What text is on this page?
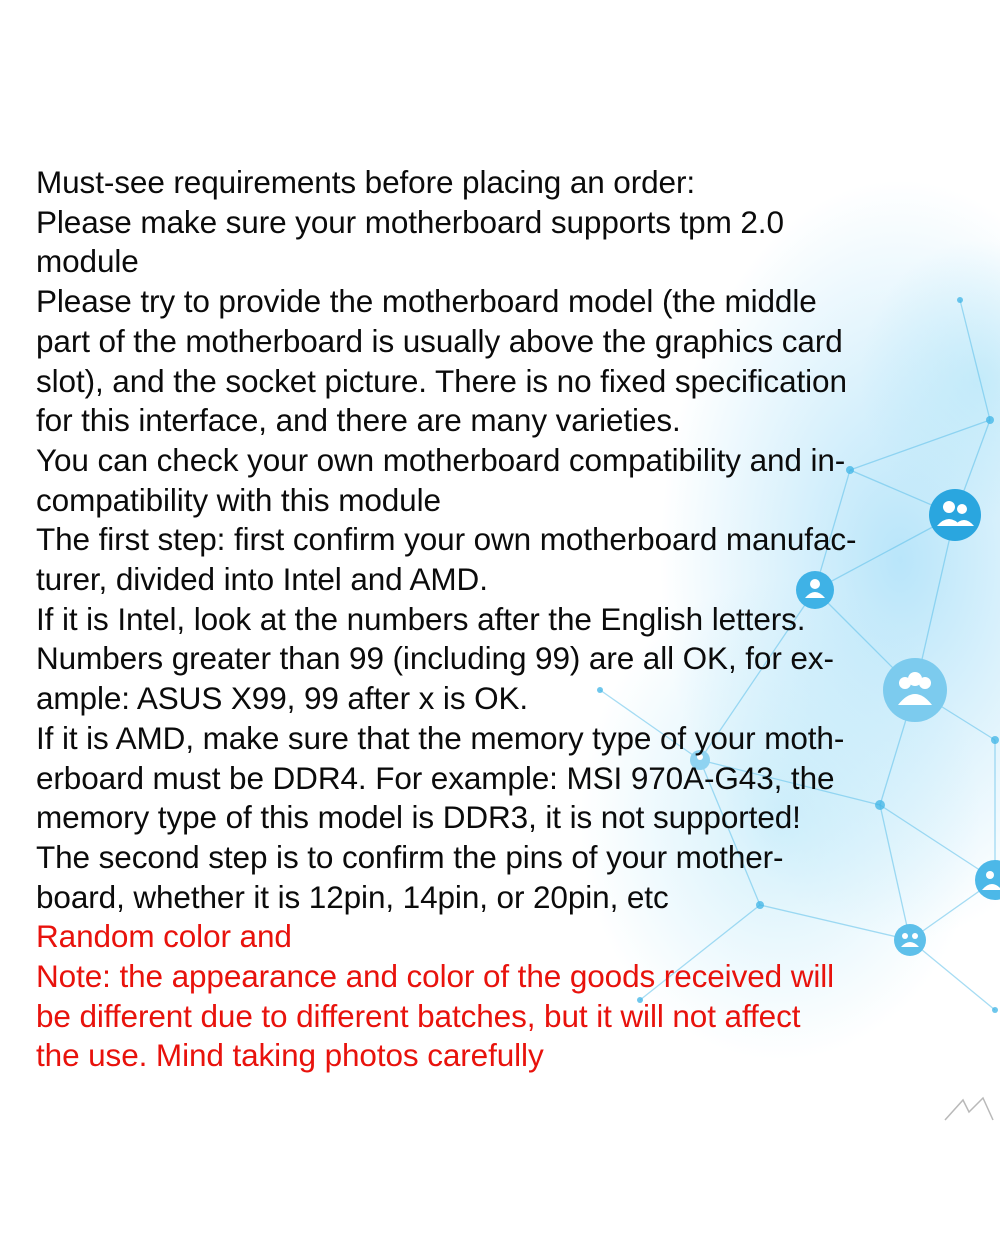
Must-see requirements before placing an order:
Please make sure your motherboard supports tpm 2.0
module
Please try to provide the motherboard model (the middle
part of the motherboard is usually above the graphics card
slot), and the socket picture. There is no fixed specification
for this interface, and there are many varieties.
You can check your own motherboard compatibility and in-
compatibility with this module
The first step: first confirm your own motherboard manufac-
turer, divided into Intel and AMD.
If it is Intel, look at the numbers after the English letters.
Numbers greater than 99 (including 99) are all OK, for ex-
ample: ASUS X99, 99 after x is OK.
If it is AMD, make sure that the memory type of your moth-
erboard must be DDR4. For example: MSI 970A-G43, the
memory type of this model is DDR3, it is not supported!
The second step is to confirm the pins of your mother-
board, whether it is 12pin, 14pin, or 20pin, etc
Random color and
Note: the appearance and color of the goods received will
be different due to different batches, but it will not affect
the use. Mind taking photos carefully
